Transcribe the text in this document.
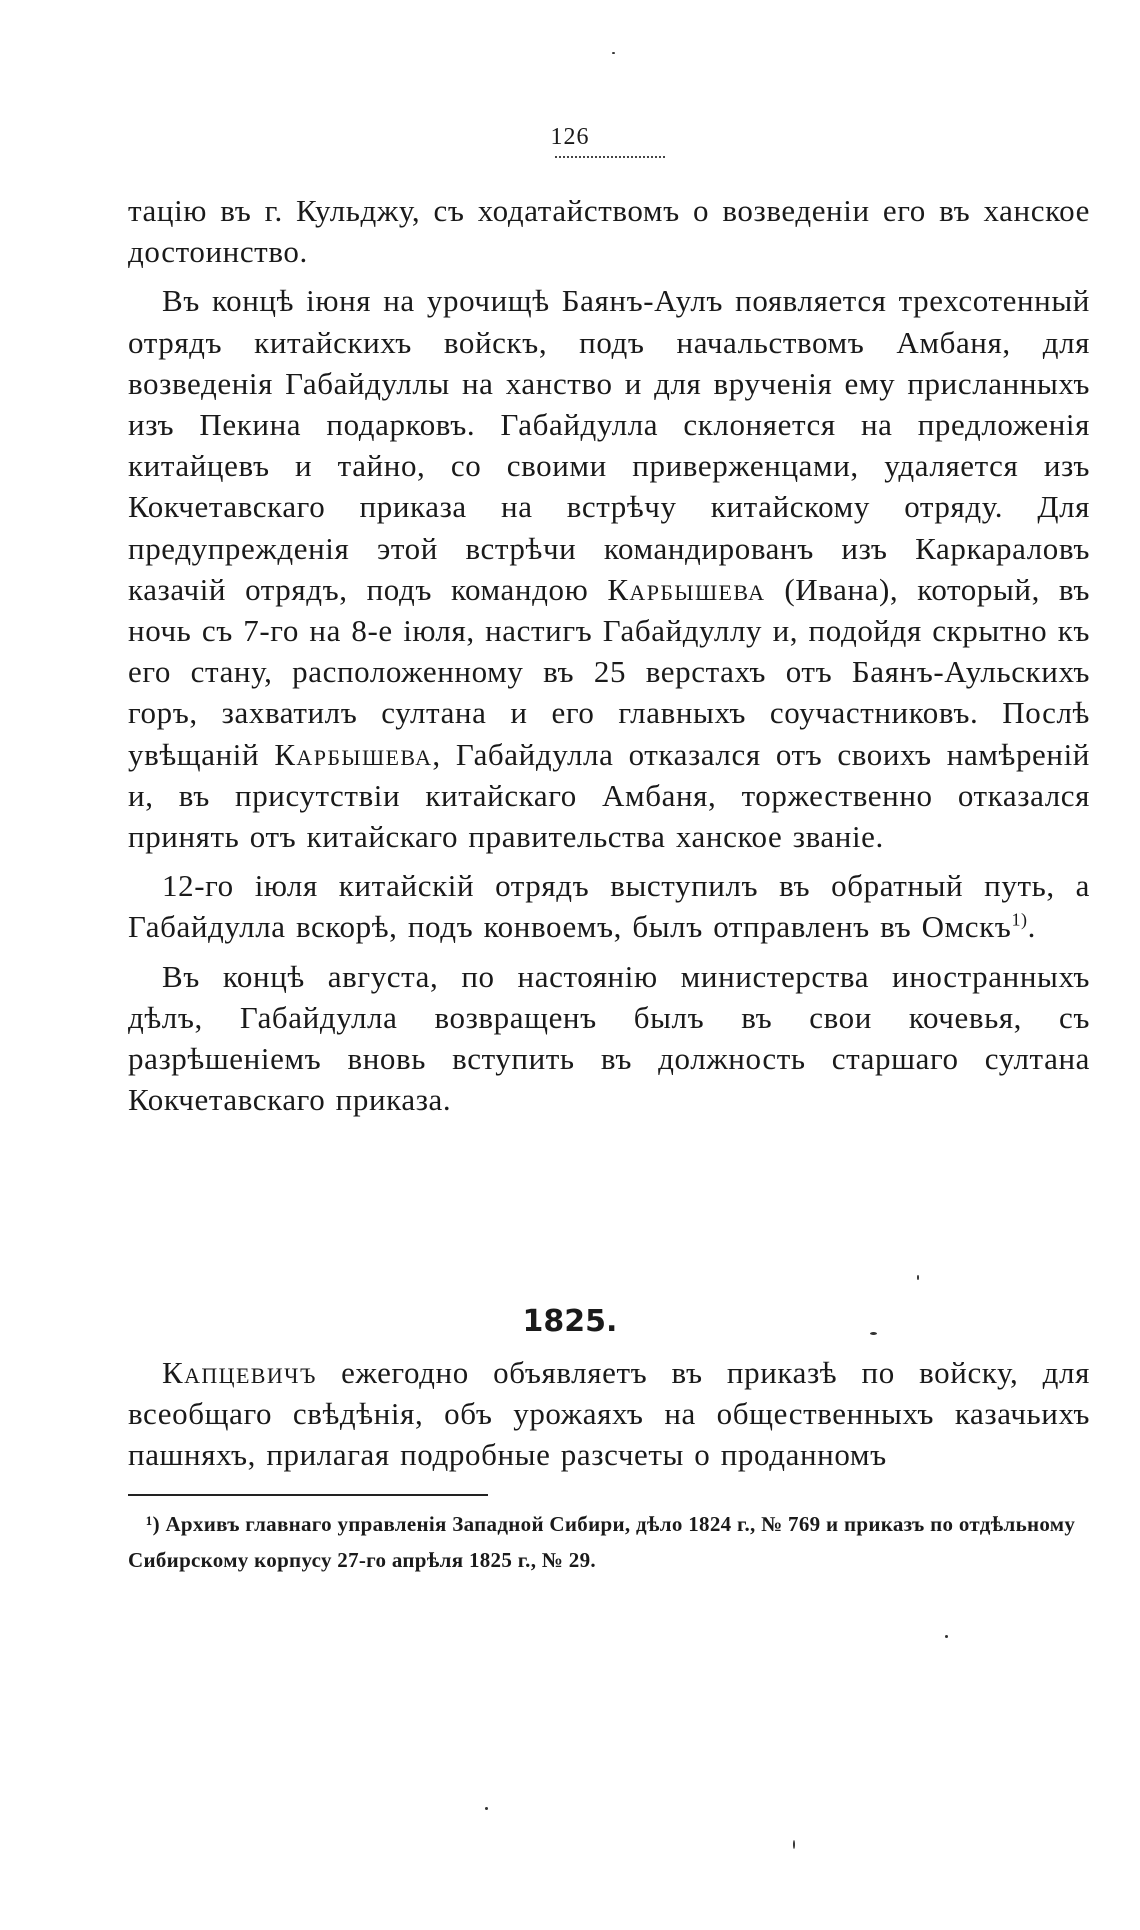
126

тацію въ г. Кульджу, съ ходатайствомъ о возведеніи его въ ханское достоинство.

Въ концѣ іюня на урочищѣ Баянъ-Аулъ появляется трехсотенный отрядъ китайскихъ войскъ, подъ начальствомъ Амбаня, для возведенія Габайдуллы на ханство и для врученія ему присланныхъ изъ Пекина подарковъ. Габайдулла склоняется на предложенія китайцевъ и тайно, со своими приверженцами, удаляется изъ Кокчетавскаго приказа на встрѣчу китайскому отряду. Для предупрежденія этой встрѣчи командированъ изъ Каркараловъ казачій отрядъ, подъ командою Карбышева (Ивана), который, въ ночь съ 7-го на 8-е іюля, настигъ Габайдуллу и, подойдя скрытно къ его стану, расположенному въ 25 верстахъ отъ Баянъ-Аульскихъ горъ, захватилъ султана и его главныхъ соучастниковъ. Послѣ увѣщаній Карбышева, Габайдулла отказался отъ своихъ намѣреній и, въ присутствіи китайскаго Амбаня, торжественно отказался принять отъ китайскаго правительства ханское званіе.

12-го іюля китайскій отрядъ выступилъ въ обратный путь, а Габайдулла вскорѣ, подъ конвоемъ, былъ отправленъ въ Омскъ$^{1)}$.

Въ концѣ августа, по настоянію министерства иностранныхъ дѣлъ, Габайдулла возвращенъ былъ въ свои кочевья, съ разрѣшеніемъ вновь вступить въ должность старшаго султана Кокчетавскаго приказа.

1825.

Капцевичъ ежегодно объявляетъ въ приказѣ по войску, для всеобщаго свѣдѣнія, объ урожаяхъ на общественныхъ казачьихъ пашняхъ, прилагая подробные разсчеты о проданномъ

¹) Архивъ главнаго управленія Западной Сибири, дѣло 1824 г., № 769 и приказъ по отдѣльному Сибирскому корпусу 27-го апрѣля 1825 г., № 29.
